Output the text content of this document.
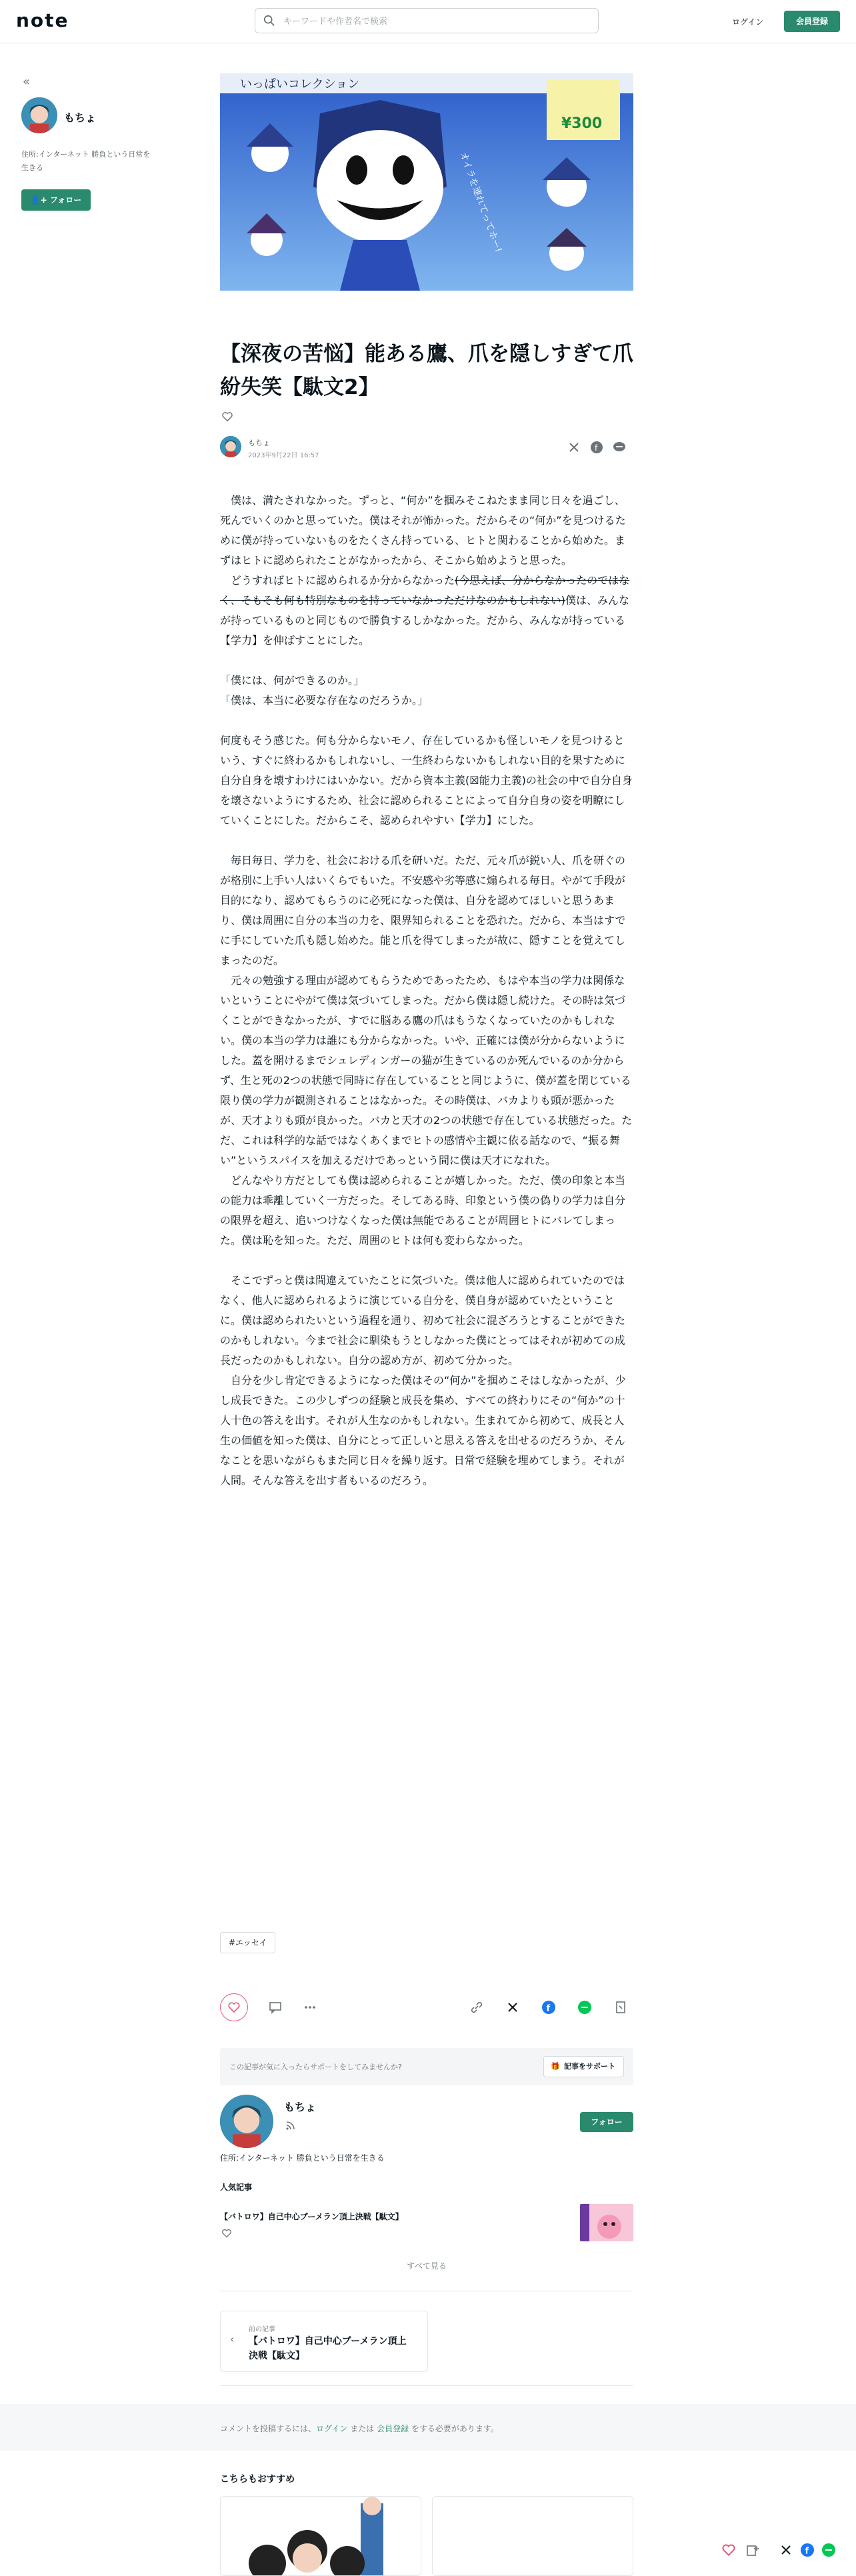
note
キーワードや作者名で検索	ログイン	会員登録
«
もちょ
住所:インターネット 勝負という日常を生きる
👤+ フォロー
いっぱいコレクション
¥300
オイラを連れてってホー!
【深夜の苦悩】能ある鷹、爪を隠しすぎて爪紛失笑【駄文2】
もちょ
2023年9月22日 16:57
f

　僕は、満たされなかった。ずっと、“何か”を掴みそこねたまま同じ日々を過ごし、死んでいくのかと思っていた。僕はそれが怖かった。だからその“何か”を見つけるために僕が持っていないものをたくさん持っている、ヒトと関わることから始めた。まずはヒトに認められたことがなかったから、そこから始めようと思った。

　どうすればヒトに認められるか分からなかった(今思えば、分からなかったのではなく、そもそも何も特別なものを持っていなかっただけなのかもしれない)僕は、みんなが持っているものと同じもので勝負するしかなかった。だから、みんなが持っている【学力】を伸ばすことにした。

「僕には、何ができるのか。」

「僕は、本当に必要な存在なのだろうか。」

何度もそう感じた。何も分からないモノ、存在しているかも怪しいモノを見つけるという、すぐに終わるかもしれないし、一生終わらないかもしれない目的を果すために自分自身を壊すわけにはいかない。だから資本主義(☒能力主義)の社会の中で自分自身を壊さないようにするため、社会に認められることによって自分自身の姿を明瞭にしていくことにした。だからこそ、認められやすい【学力】にした。

　毎日毎日、学力を、社会における爪を研いだ。ただ、元々爪が鋭い人、爪を研ぐのが格別に上手い人はいくらでもいた。不安感や劣等感に煽られる毎日。やがて手段が目的になり、認めてもらうのに必死になった僕は、自分を認めてほしいと思うあまり、僕は周囲に自分の本当の力を、限界知られることを恐れた。だから、本当はすでに手にしていた爪も隠し始めた。能と爪を得てしまったが故に、隠すことを覚えてしまったのだ。

　元々の勉強する理由が認めてもらうためであったため、もはや本当の学力は関係ないということにやがて僕は気づいてしまった。だから僕は隠し続けた。その時は気づくことができなかったが、すでに脳ある鷹の爪はもうなくなっていたのかもしれない。僕の本当の学力は誰にも分からなかった。いや、正確には僕が分からないようにした。蓋を開けるまでシュレディンガーの猫が生きているのか死んでいるのか分からず、生と死の2つの状態で同時に存在していることと同じように、僕が蓋を閉じている限り僕の学力が観測されることはなかった。その時僕は、バカよりも頭が悪かったが、天才よりも頭が良かった。バカと天才の2つの状態で存在している状態だった。ただ、これは科学的な話ではなくあくまでヒトの感情や主観に依る話なので、“振る舞い”というスパイスを加えるだけであっという間に僕は天才になれた。

　どんなやり方だとしても僕は認められることが嬉しかった。ただ、僕の印象と本当の能力は乖離していく一方だった。そしてある時、印象という僕の偽りの学力は自分の限界を超え、追いつけなくなった僕は無能であることが周囲ヒトにバレてしまった。僕は恥を知った。ただ、周囲のヒトは何も変わらなかった。

　そこでずっと僕は間違えていたことに気づいた。僕は他人に認められていたのではなく、他人に認められるように演じている自分を、僕自身が認めていたということに。僕は認められたいという過程を通り、初めて社会に混ざろうとすることができたのかもしれない。今まで社会に馴染もうとしなかった僕にとってはそれが初めての成長だったのかもしれない。自分の認め方が、初めて分かった。

　自分を少し肯定できるようになった僕はその“何か”を掴めこそはしなかったが、少し成長できた。この少しずつの経験と成長を集め、すべての終わりにその“何か”の十人十色の答えを出す。それが人生なのかもしれない。生まれてから初めて、成長と人生の価値を知った僕は、自分にとって正しいと思える答えを出せるのだろうか、そんなことを思いながらもまた同じ日々を繰り返す。日常で経験を埋めてしまう。それが人間。そんな答えを出す者もいるのだろう。

#エッセイ
f
この記事が気に入ったらサポートをしてみませんか?	🎁 記事をサポート
もちょ
フォロー
住所:インターネット 勝負という日常を生きる
人気記事
【バトロワ】自己中心ブーメラン頂上決戦【駄文】
すべて見る
‹
前の記事
【バトロワ】自己中心ブーメラン頂上決戦【駄文】
コメントを投稿するには、ログイン または 会員登録 をする必要があります。
こちらもおすすめ
f
